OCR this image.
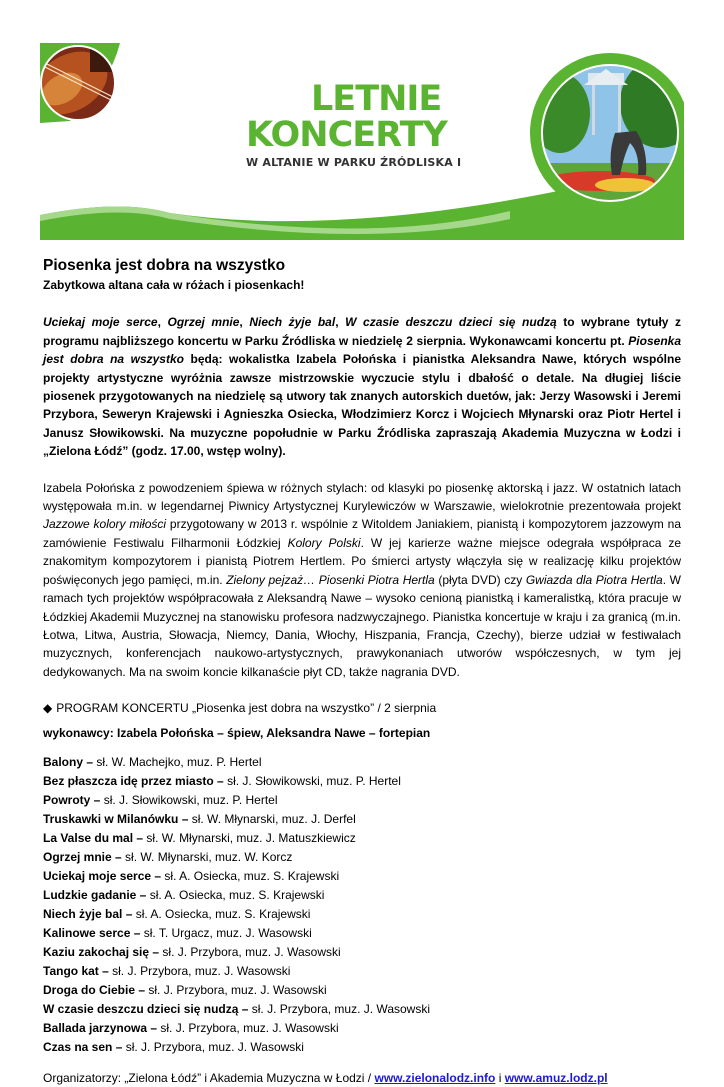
LETNIE
KONCERTY
W ALTANIE W PARKU ŹRÓDLISKA I
Piosenka jest dobra na wszystko
Zabytkowa altana cała w różach i piosenkach!

Uciekaj moje serce, Ogrzej mnie, Niech żyje bal, W czasie deszczu dzieci się nudzą to wybrane tytuły z programu najbliższego koncertu w Parku Źródliska w niedzielę 2 sierpnia. Wykonawcami koncertu pt. Piosenka jest dobra na wszystko będą: wokalistka Izabela Połońska i pianistka Aleksandra Nawe, których wspólne projekty artystyczne wyróżnia zawsze mistrzowskie wyczucie stylu i dbałość o detale. Na długiej liście piosenek przygotowanych na niedzielę są utwory tak znanych autorskich duetów, jak: Jerzy Wasowski i Jeremi Przybora, Seweryn Krajewski i Agnieszka Osiecka, Włodzimierz Korcz i Wojciech Młynarski oraz Piotr Hertel i Janusz Słowikowski. Na muzyczne popołudnie w Parku Źródliska zapraszają Akademia Muzyczna w Łodzi i „Zielona Łódź” (godz. 17.00, wstęp wolny).

Izabela Połońska z powodzeniem śpiewa w różnych stylach: od klasyki po piosenkę aktorską i jazz. W ostatnich latach występowała m.in. w legendarnej Piwnicy Artystycznej Kurylewiczów w Warszawie, wielokrotnie prezentowała projekt Jazzowe kolory miłości przygotowany w 2013 r. wspólnie z Witoldem Janiakiem, pianistą i kompozytorem jazzowym na zamówienie Festiwalu Filharmonii Łódzkiej Kolory Polski. W jej karierze ważne miejsce odegrała współpraca ze znakomitym kompozytorem i pianistą Piotrem Hertlem. Po śmierci artysty włączyła się w realizację kilku projektów poświęconych jego pamięci, m.in. Zielony pejzaż… Piosenki Piotra Hertla (płyta DVD) czy Gwiazda dla Piotra Hertla. W ramach tych projektów współpracowała z Aleksandrą Nawe – wysoko cenioną pianistką i kameralistką, która pracuje w Łódzkiej Akademii Muzycznej na stanowisku profesora nadzwyczajnego. Pianistka koncertuje w kraju i za granicą (m.in. Łotwa, Litwa, Austria, Słowacja, Niemcy, Dania, Włochy, Hiszpania, Francja, Czechy), bierze udział w festiwalach muzycznych, konferencjach naukowo-artystycznych, prawykonaniach utworów współczesnych, w tym jej dedykowanych. Ma na swoim koncie kilkanaście płyt CD, także nagrania DVD.

◆ PROGRAM KONCERTU „Piosenka jest dobra na wszystko” / 2 sierpnia
wykonawcy: Izabela Połońska – śpiew, Aleksandra Nawe – fortepian
Balony – sł. W. Machejko, muz. P. Hertel
Bez płaszcza idę przez miasto – sł. J. Słowikowski, muz. P. Hertel
Powroty – sł. J. Słowikowski, muz. P. Hertel
Truskawki w Milanówku – sł. W. Młynarski, muz. J. Derfel
La Valse du mal – sł. W. Młynarski, muz. J. Matuszkiewicz
Ogrzej mnie – sł. W. Młynarski, muz. W. Korcz
Uciekaj moje serce – sł. A. Osiecka, muz. S. Krajewski
Ludzkie gadanie – sł. A. Osiecka, muz. S. Krajewski
Niech żyje bal – sł. A. Osiecka, muz. S. Krajewski
Kalinowe serce – sł. T. Urgacz, muz. J. Wasowski
Kaziu zakochaj się – sł. J. Przybora, muz. J. Wasowski
Tango kat – sł. J. Przybora, muz. J. Wasowski
Droga do Ciebie – sł. J. Przybora, muz. J. Wasowski
W czasie deszczu dzieci się nudzą – sł. J. Przybora, muz. J. Wasowski
Ballada jarzynowa – sł. J. Przybora, muz. J. Wasowski
Czas na sen – sł. J. Przybora, muz. J. Wasowski
Organizatorzy: „Zielona Łódź” i Akademia Muzyczna w Łodzi / www.zielonalodz.info i www.amuz.lodz.pl
